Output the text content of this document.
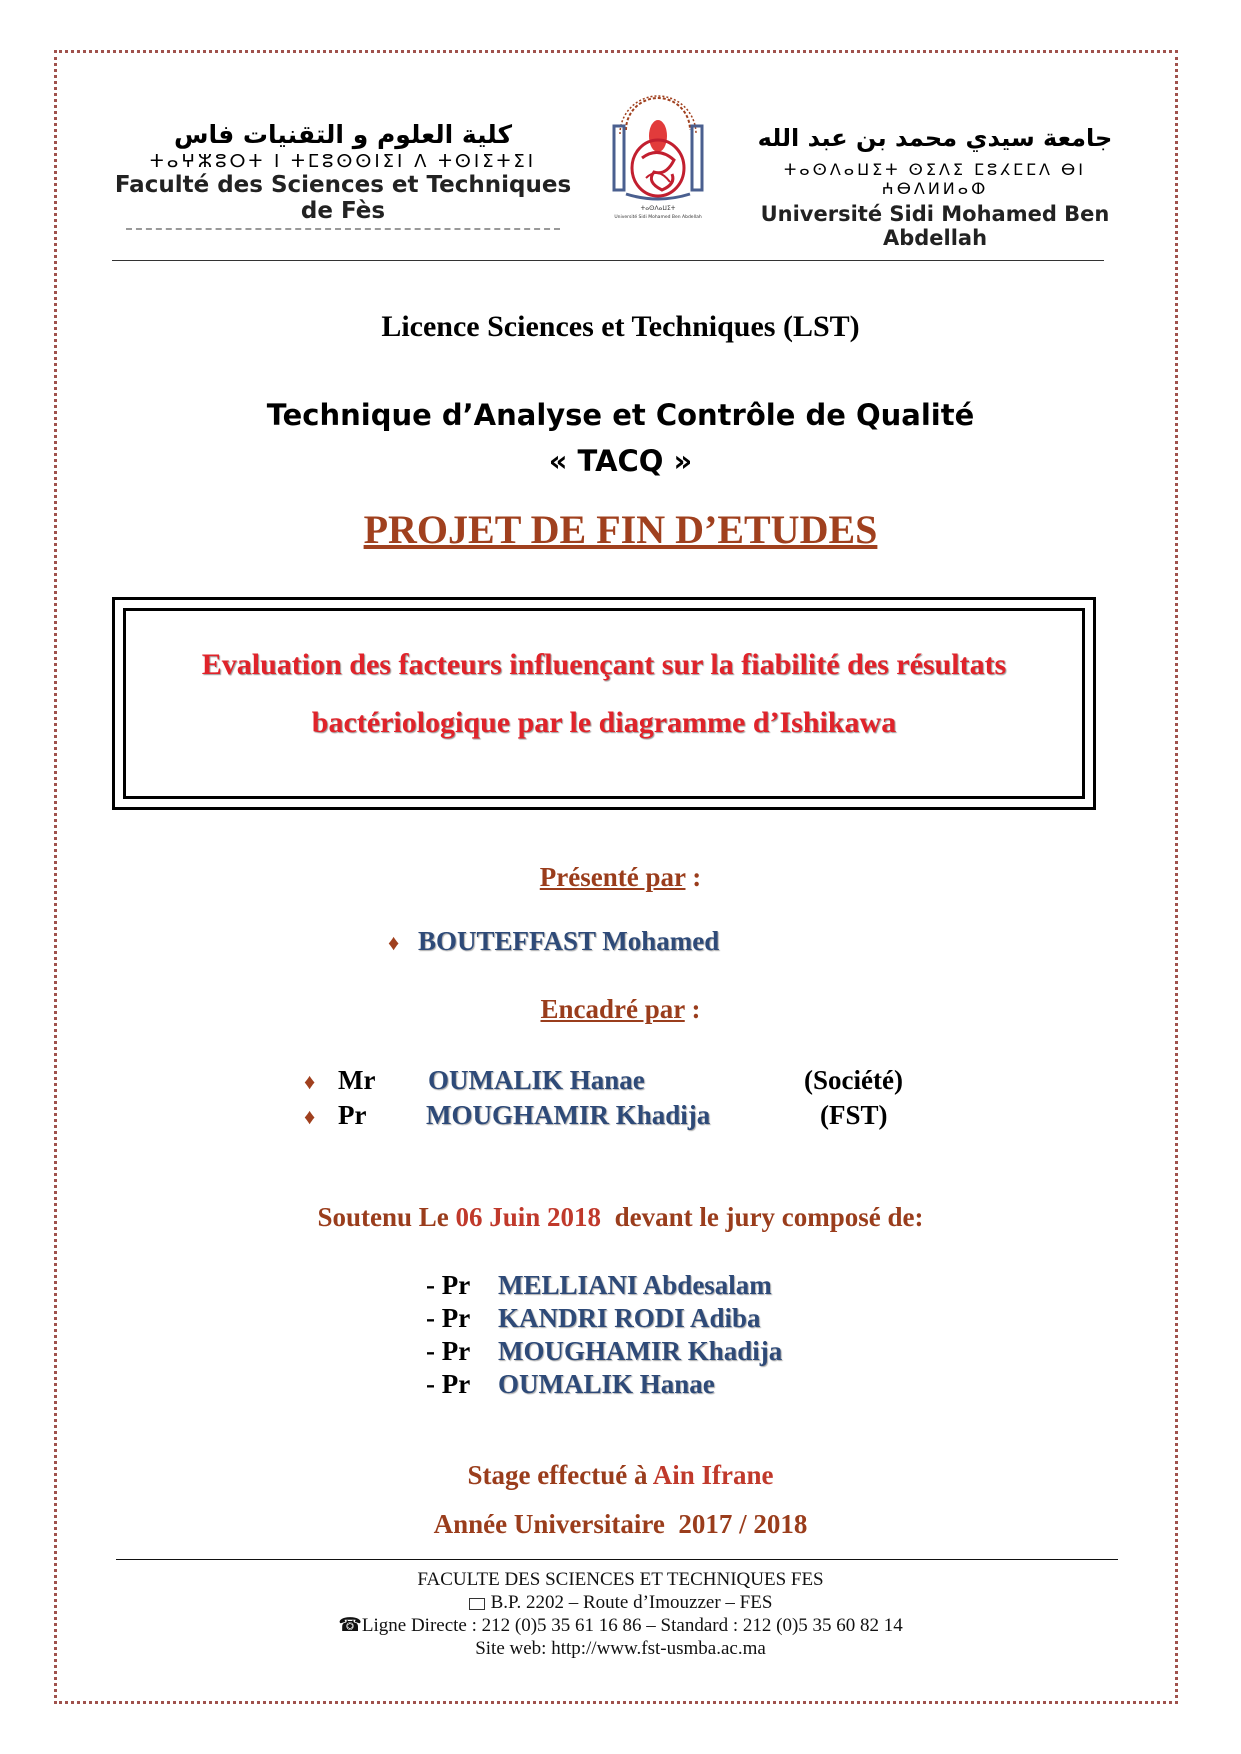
كلية العلوم و التقنيات فاس
ⵜⴰⵖⵣⵓⵔⵜ ⵏ ⵜⵎⵓⵙⵙⵏⵉⵏ ⴷ ⵜⵙⵏⵉⵜⵉⵏ
Faculté des Sciences et Techniques de Fès	ⵜⴰⵙⴷⴰⵡⵉⵜ
Université Sidi Mohamed Ben Abdellah
جامعة سيدي محمد بن عبد الله
ⵜⴰⵙⴷⴰⵡⵉⵜ ⵙⵉⴷⵉ ⵎⵓⵃⵎⵎⴷ ⴱⵏ ⵄⴱⴷⵍⵍⴰⵀ
Université Sidi Mohamed Ben Abdellah
Licence Sciences et Techniques (LST)
Technique d’Analyse et Contrôle de Qualité
« TACQ »
PROJET DE FIN D’ETUDES
Evaluation des facteurs influençant sur la fiabilité des résultats
bactériologique par le diagramme d’Ishikawa
Présenté par :
♦ BOUTEFFAST Mohamed
Encadré par :
♦ Mr OUMALIK Hanae	(Société)
♦ Pr MOUGHAMIR Khadija	(FST)
Soutenu Le 06 Juin 2018  devant le jury composé de:
- Pr MELLIANI Abdesalam
- Pr KANDRI RODI Adiba
- Pr MOUGHAMIR Khadija
- Pr OUMALIK Hanae
Stage effectué à Ain Ifrane
Année Universitaire  2017 / 2018
FACULTE DES SCIENCES ET TECHNIQUES FES
B.P. 2202 – Route d’Imouzzer – FES
☎Ligne Directe : 212 (0)5 35 61 16 86 – Standard : 212 (0)5 35 60 82 14
Site web: http://www.fst-usmba.ac.ma
